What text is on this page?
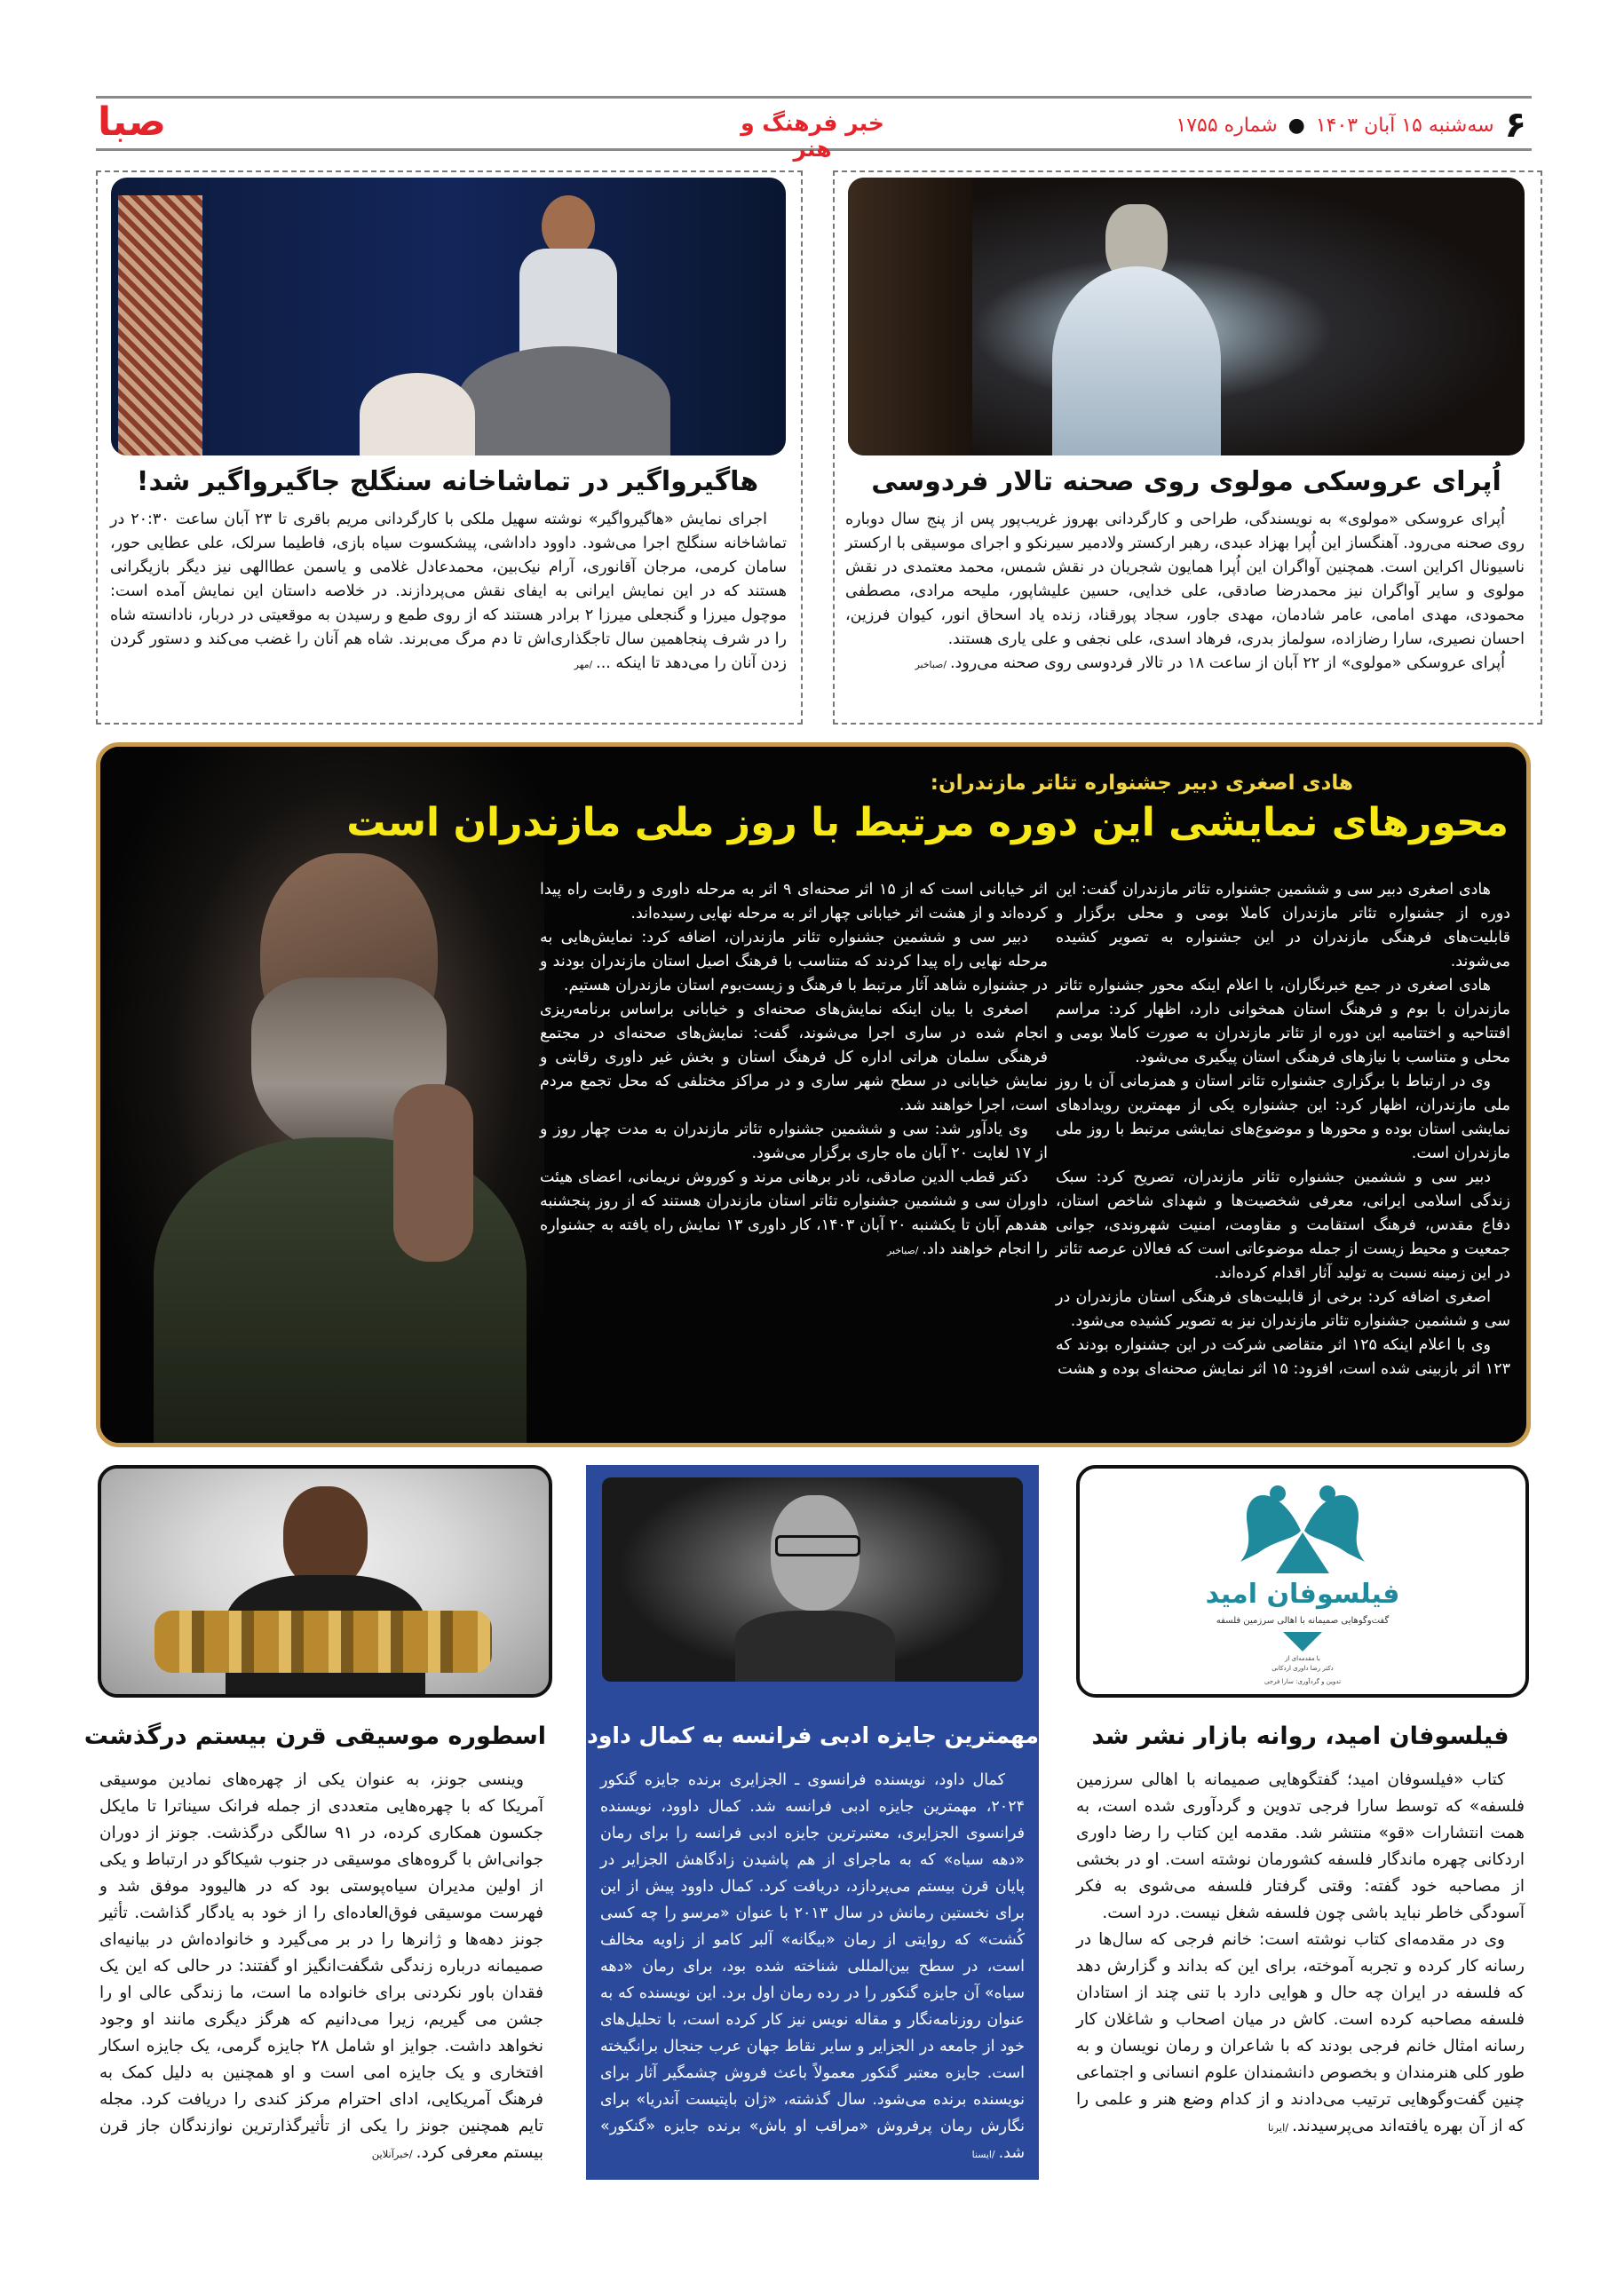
۶
سه‌شنبه ۱۵ آبان ۱۴۰۳
●
شماره ۱۷۵۵
خبر فرهنگ و هنر
صبا
اُپرای عروسکی مولوی روی صحنه تالار فردوسی

اُپرای عروسکی «مولوی» به نویسندگی، طراحی و کارگردانی بهروز غریب‌پور پس از پنج سال دوباره روی صحنه می‌رود. آهنگساز این اُپرا بهزاد عبدی، رهبر ارکستر ولادمیر سیرنکو و اجرای موسیقی با ارکستر ناسیونال اکراین است. همچنین آواگران این اُپرا همایون شجریان در نقش شمس، محمد معتمدی در نقش مولوی و سایر آواگران نیز محمدرضا صادقی، علی خدایی، حسین علیشاپور، ملیحه مرادی، مصطفی محمودی، مهدی امامی، عامر شادمان، مهدی جاور، سجاد پورقناد، زنده یاد اسحاق انور، کیوان فرزین، احسان نصیری، سارا رضازاده، سولماز بدری، فرهاد اسدی، علی نجفی و علی یاری هستند.

اُپرای عروسکی «مولوی» از ۲۲ آبان از ساعت ۱۸ در تالار فردوسی روی صحنه می‌رود./صباخبر

هاگیرواگیر در تماشاخانه سنگلج جاگیرواگیر شد!

اجرای نمایش «هاگیرواگیر» نوشته سهیل ملکی با کارگردانی مریم باقری تا ۲۳ آبان ساعت ۲۰:۳۰ در تماشاخانه سنگلج اجرا می‌شود. داوود داداشی، پیشکسوت سیاه بازی، فاطیما سرلک، علی عطایی حور، سامان کرمی، مرجان آقانوری، آرام نیک‌بین، محمدعادل غلامی و یاسمن عطاالهی نیز دیگر بازیگرانی هستند که در این نمایش ایرانی به ایفای نقش می‌پردازند. در خلاصه داستان این نمایش آمده است: موچول میرزا و گنجعلی میرزا ۲ برادر هستند که از روی طمع و رسیدن به موقعیتی در دربار، نادانسته شاه را در شرف پنجاهمین سال تاجگذاری‌اش تا دم مرگ می‌برند. شاه هم آنان را غضب می‌کند و دستور گردن زدن آنان را می‌دهد تا اینکه .../مهر

هادی اصغری دبیر جشنواره تئاتر مازندران:
محورهای نمایشی این دوره مرتبط با روز ملی مازندران است

هادی اصغری دبیر سی و ششمین جشنواره تئاتر مازندران گفت: این دوره از جشنواره تئاتر مازندران کاملا بومی و محلی برگزار و قابلیت‌های فرهنگی مازندران در این جشنواره به تصویر کشیده می‌شوند.

هادی اصغری در جمع خبرنگاران، با اعلام اینکه محور جشنواره تئاتر مازندران با بوم و فرهنگ استان همخوانی دارد، اظهار کرد: مراسم افتتاحیه و اختتامیه این دوره از تئاتر مازندران به صورت کاملا بومی و محلی و متناسب با نیازهای فرهنگی استان پیگیری می‌شود.

وی در ارتباط با برگزاری جشنواره تئاتر استان و همزمانی آن با روز ملی مازندران، اظهار کرد: این جشنواره یکی از مهمترین رویدادهای نمایشی استان بوده و محورها و موضوع‌های نمایشی مرتبط با روز ملی مازندران است.

دبیر سی و ششمین جشنواره تئاتر مازندران، تصریح کرد: سبک زندگی اسلامی ایرانی، معرفی شخصیت‌ها و شهدای شاخص استان، دفاع مقدس، فرهنگ استقامت و مقاومت، امنیت شهروندی، جوانی جمعیت و محیط زیست از جمله موضوعاتی است که فعالان عرصه تئاتر در این زمینه نسبت به تولید آثار اقدام کرده‌اند.

اصغری اضافه کرد: برخی از قابلیت‌های فرهنگی استان مازندران در سی و ششمین جشنواره تئاتر مازندران نیز به تصویر کشیده می‌شود.

وی با اعلام اینکه ۱۲۵ اثر متقاضی شرکت در این جشنواره بودند که ۱۲۳ اثر بازبینی شده است، افزود: ۱۵ اثر نمایش صحنه‌ای بوده و هشت

اثر خیابانی است که از ۱۵ اثر صحنه‌ای ۹ اثر به مرحله داوری و رقابت راه پیدا کرده‌اند و از هشت اثر خیابانی چهار اثر به مرحله نهایی رسیده‌اند.

دبیر سی و ششمین جشنواره تئاتر مازندران، اضافه کرد: نمایش‌هایی به مرحله نهایی راه پیدا کردند که متناسب با فرهنگ اصیل استان مازندران بودند و در جشنواره شاهد آثار مرتبط با فرهنگ و زیست‌بوم استان مازندران هستیم.

اصغری با بیان اینکه نمایش‌های صحنه‌ای و خیابانی براساس برنامه‌ریزی انجام شده در ساری اجرا می‌شوند، گفت: نمایش‌های صحنه‌ای در مجتمع فرهنگی سلمان هراتی اداره کل فرهنگ استان و بخش غیر داوری رقابتی و نمایش خیابانی در سطح شهر ساری و در مراکز مختلفی که محل تجمع مردم است، اجرا خواهند شد.

وی یادآور شد: سی و ششمین جشنواره تئاتر مازندران به مدت چهار روز و از ۱۷ لغایت ۲۰ آبان ماه جاری برگزار می‌شود.

دکتر قطب الدین صادقی، نادر برهانی مرند و کوروش نریمانی، اعضای هیئت داوران سی و ششمین جشنواره تئاتر استان مازندران هستند که از روز پنجشنبه هفدهم آبان تا یکشنبه ۲۰ آبان ۱۴۰۳، کار داوری ۱۳ نمایش راه یافته به جشنواره را انجام خواهند داد./صباخبر

فیلسوفان امید
گفت‌وگوهایی صمیمانه با اهالی سرزمین فلسفه
با مقدمه‌ای از
دکتر رضا داوری اردکانی
تدوین و گردآوری: سارا فرجی
فیلسوفان امید، روانه بازار نشر شد

کتاب «فیلسوفان امید؛ گفتگوهایی صمیمانه با اهالی سرزمین فلسفه» که توسط سارا فرجی تدوین و گردآوری شده است، به همت انتشارات «قو» منتشر شد. مقدمه این کتاب را رضا داوری اردکانی چهره ماندگار فلسفه کشورمان نوشته است. او در بخشی از مصاحبه خود گفته: وقتی گرفتار فلسفه می‌شوی به فکر آسودگی خاطر نباید باشی چون فلسفه شغل نیست. درد است.

وی در مقدمه‌ای کتاب نوشته است: خانم فرجی که سال‌ها در رسانه کار کرده و تجربه آموخته، برای این که بداند و گزارش دهد که فلسفه در ایران چه حال و هوایی دارد با تنی چند از استادان فلسفه مصاحبه کرده است. کاش در میان اصحاب و شاغلان کار رسانه امثال خانم فرجی بودند که با شاعران و رمان نویسان و به طور کلی هنرمندان و بخصوص دانشمندان علوم انسانی و اجتماعی چنین گفت‌وگوهایی ترتیب می‌دادند و از کدام وضع هنر و علمی را که از آن بهره یافته‌اند می‌پرسیدند./ایرنا

مهمترین جایزه ادبی فرانسه به کمال داود رسید

کمال داود، نویسنده فرانسوی ـ الجزایری برنده جایزه گنکور ۲۰۲۴، مهمترین جایزه ادبی فرانسه شد. کمال داوود، نویسنده فرانسوی الجزایری، معتبرترین جایزه ادبی فرانسه را برای رمان «دهه سیاه» که به ماجرای از هم پاشیدن زادگاهش الجزایر در پایان قرن بیستم می‌پردازد، دریافت کرد. کمال داوود پیش از این برای نخستین رمانش در سال ۲۰۱۳ با عنوان «مرسو را چه کسی کُشت» که روایتی از رمان «بیگانه» آلبر کامو از زاویه مخالف است، در سطح بین‌المللی شناخته شده بود، برای رمان «دهه سیاه» آن جایزه گنکور را در رده رمان اول برد. این نویسنده که به عنوان روزنامه‌نگار و مقاله نویس نیز کار کرده است، با تحلیل‌های خود از جامعه در الجزایر و سایر نقاط جهان عرب جنجال برانگیخته است. جایزه معتبر گنکور معمولاً باعث فروش چشمگیر آثار برای نویسنده برنده می‌شود. سال گذشته، «ژان باپتیست آندریا» برای نگارش رمان پرفروش «مراقب او باش» برنده جایزه «گنکور» شد./ایسنا

اسطوره موسیقی قرن بیستم درگذشت

وینسی جونز، به عنوان یکی از چهره‌های نمادین موسیقی آمریکا که با چهره‌هایی متعددی از جمله فرانک سیناترا تا مایکل جکسون همکاری کرده، در ۹۱ سالگی درگذشت. جونز از دوران جوانی‌اش با گروه‌های موسیقی در جنوب شیکاگو در ارتباط و یکی از اولین مدیران سیاه‌پوستی بود که در هالیوود موفق شد و فهرست موسیقی فوق‌العاده‌ای را از خود به یادگار گذاشت. تأثیر جونز دهه‌ها و ژانرها را در بر می‌گیرد و خانواده‌اش در بیانیه‌ای صمیمانه درباره زندگی شگفت‌انگیز او گفتند: در حالی که این یک فقدان باور نکردنی برای خانواده ما است، ما زندگی عالی او را جشن می گیریم، زیرا می‌دانیم که هرگز دیگری مانند او وجود نخواهد داشت. جوایز او شامل ۲۸ جایزه گرمی، یک جایزه اسکار افتخاری و یک جایزه امی است و او همچنین به دلیل کمک به فرهنگ آمریکایی، ادای احترام مرکز کندی را دریافت کرد. مجله تایم همچنین جونز را یکی از تأثیرگذارترین نوازندگان جاز قرن بیستم معرفی کرد./خبرآنلاین
